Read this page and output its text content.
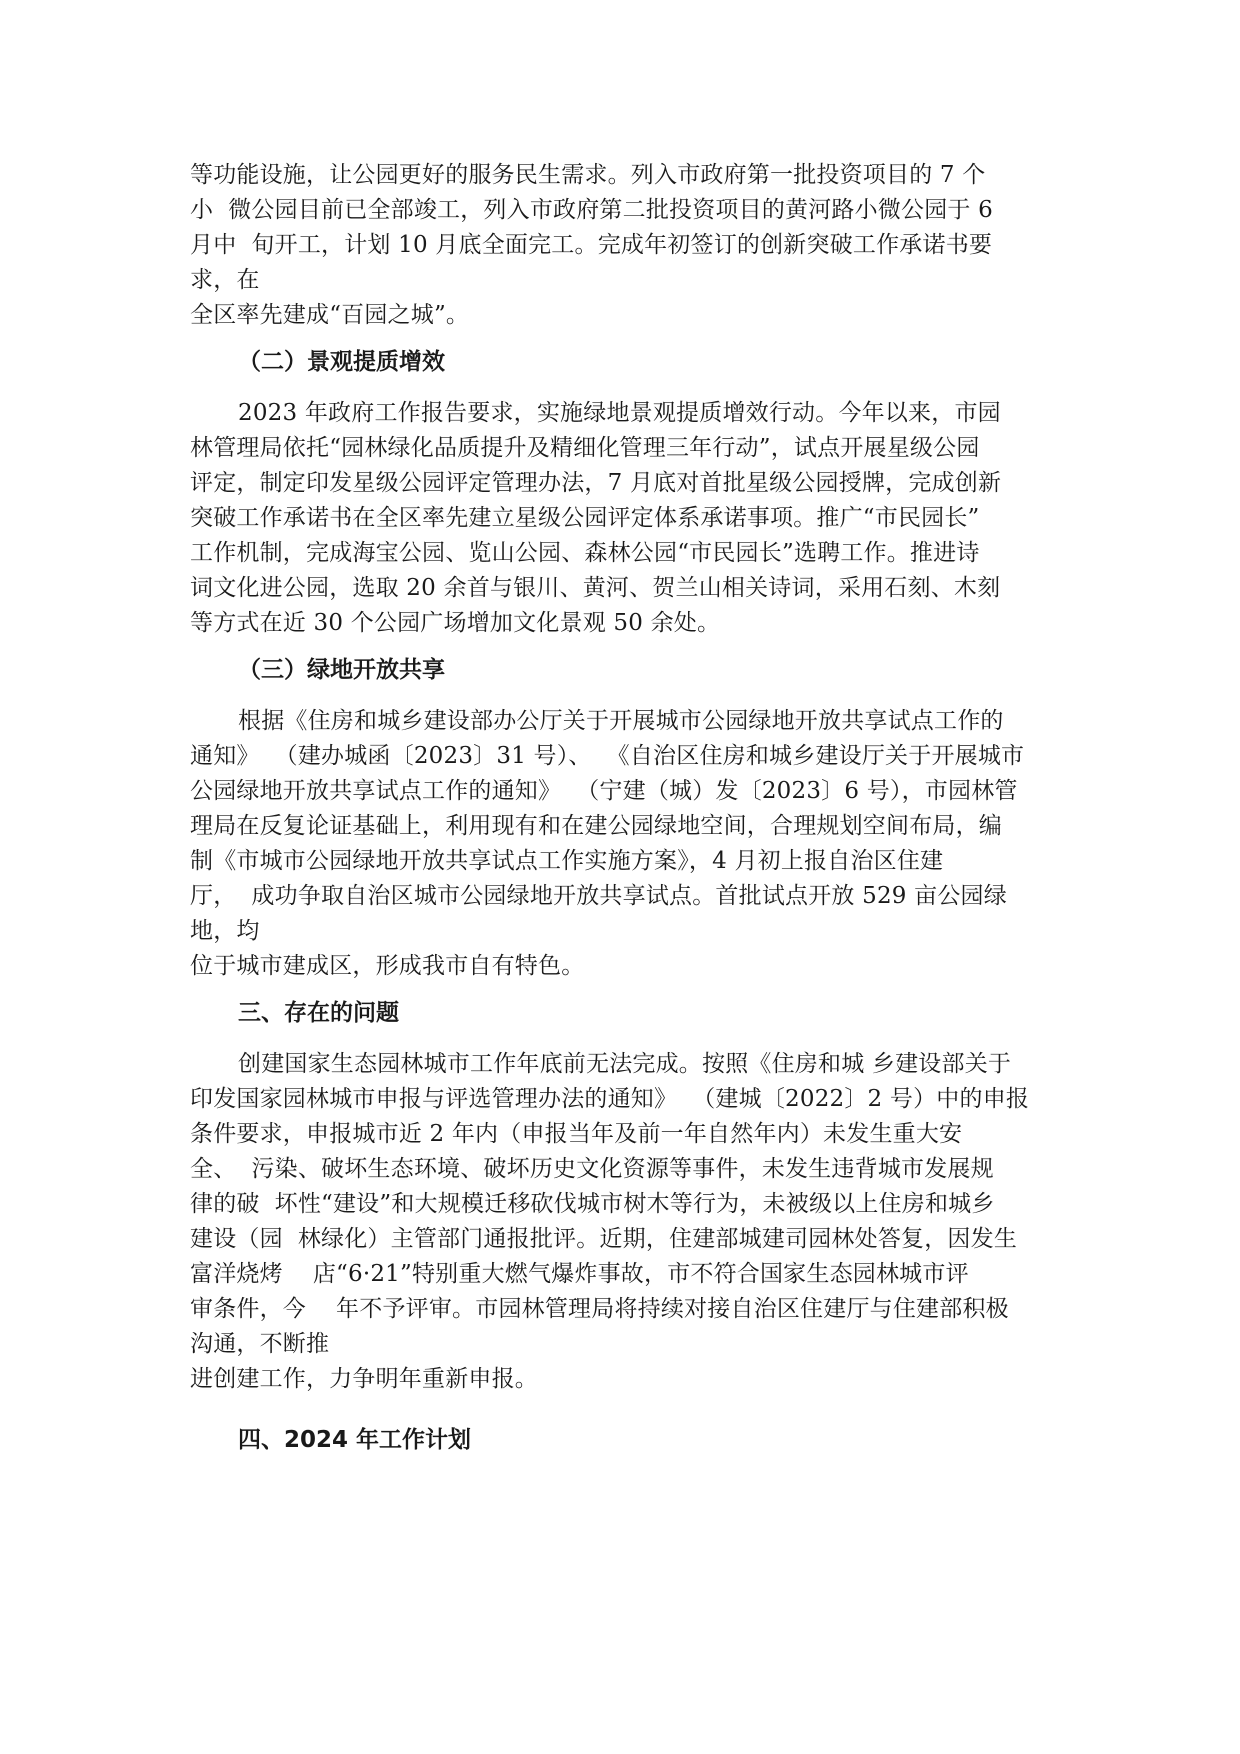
等功能设施，让公园更好的服务民生需求。列入市政府第一批投资项目的 7 个
小  微公园目前已全部竣工，列入市政府第二批投资项目的黄河路小微公园于 6
月中  旬开工，计划 10 月底全面完工。完成年初签订的创新突破工作承诺书要
求，在
全区率先建成“百园之城”。
（二）景观提质增效
2023 年政府工作报告要求，实施绿地景观提质增效行动。今年以来，市园
林管理局依托“园林绿化品质提升及精细化管理三年行动”，试点开展星级公园
评定，制定印发星级公园评定管理办法，7 月底对首批星级公园授牌，完成创新
突破工作承诺书在全区率先建立星级公园评定体系承诺事项。推广“市民园长”
工作机制，完成海宝公园、览山公园、森林公园“市民园长”选聘工作。推进诗
词文化进公园，选取 20 余首与银川、黄河、贺兰山相关诗词，采用石刻、木刻
等方式在近 30 个公园广场增加文化景观 50 余处。
（三）绿地开放共享
根据《住房和城乡建设部办公厅关于开展城市公园绿地开放共享试点工作的
通知》  （建办城函〔2023〕31 号）、  《自治区住房和城乡建设厅关于开展城市
公园绿地开放共享试点工作的通知》  （宁建（城）发〔2023〕6 号），市园林管
理局在反复论证基础上，利用现有和在建公园绿地空间，合理规划空间布局，编
制《市城市公园绿地开放共享试点工作实施方案》，4 月初上报自治区住建
厅，  成功争取自治区城市公园绿地开放共享试点。首批试点开放 529 亩公园绿
地，均
位于城市建成区，形成我市自有特色。
三、存在的问题
创建国家生态园林城市工作年底前无法完成。按照《住房和城 乡建设部关于
印发国家园林城市申报与评选管理办法的通知》  （建城〔2022〕2 号）中的申报
条件要求，申报城市近 2 年内（申报当年及前一年自然年内）未发生重大安
全、  污染、破坏生态环境、破坏历史文化资源等事件，未发生违背城市发展规
律的破  坏性“建设”和大规模迁移砍伐城市树木等行为，未被级以上住房和城乡
建设（园  林绿化）主管部门通报批评。近期，住建部城建司园林处答复，因发生
富洋烧烤    店“6·21”特别重大燃气爆炸事故，市不符合国家生态园林城市评
审条件，今    年不予评审。市园林管理局将持续对接自治区住建厅与住建部积极
沟通，不断推
进创建工作，力争明年重新申报。
四、2024 年工作计划
